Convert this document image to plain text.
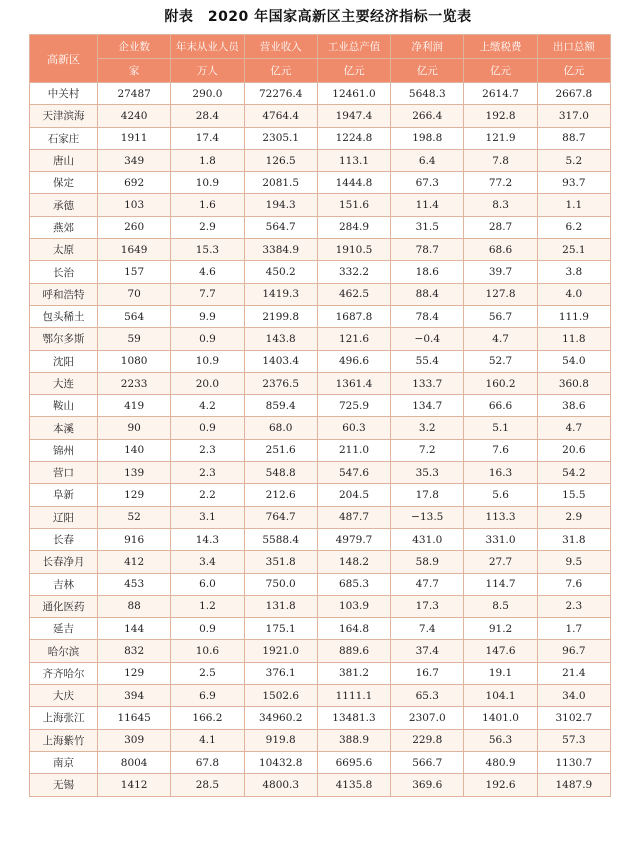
附表　2020 年国家高新区主要经济指标一览表
高新区	企业数	年末从业人员	营业收入	工业总产值	净利润	上缴税费	出口总额
	家	万人	亿元	亿元	亿元	亿元	亿元
中关村	27487	290.0	72276.4	12461.0	5648.3	2614.7	2667.8
天津滨海	4240	28.4	4764.4	1947.4	266.4	192.8	317.0
石家庄	1911	17.4	2305.1	1224.8	198.8	121.9	88.7
唐山	349	1.8	126.5	113.1	6.4	7.8	5.2
保定	692	10.9	2081.5	1444.8	67.3	77.2	93.7
承德	103	1.6	194.3	151.6	11.4	8.3	1.1
燕郊	260	2.9	564.7	284.9	31.5	28.7	6.2
太原	1649	15.3	3384.9	1910.5	78.7	68.6	25.1
长治	157	4.6	450.2	332.2	18.6	39.7	3.8
呼和浩特	70	7.7	1419.3	462.5	88.4	127.8	4.0
包头稀土	564	9.9	2199.8	1687.8	78.4	56.7	111.9
鄂尔多斯	59	0.9	143.8	121.6	−0.4	4.7	11.8
沈阳	1080	10.9	1403.4	496.6	55.4	52.7	54.0
大连	2233	20.0	2376.5	1361.4	133.7	160.2	360.8
鞍山	419	4.2	859.4	725.9	134.7	66.6	38.6
本溪	90	0.9	68.0	60.3	3.2	5.1	4.7
锦州	140	2.3	251.6	211.0	7.2	7.6	20.6
营口	139	2.3	548.8	547.6	35.3	16.3	54.2
阜新	129	2.2	212.6	204.5	17.8	5.6	15.5
辽阳	52	3.1	764.7	487.7	−13.5	113.3	2.9
长春	916	14.3	5588.4	4979.7	431.0	331.0	31.8
长春净月	412	3.4	351.8	148.2	58.9	27.7	9.5
吉林	453	6.0	750.0	685.3	47.7	114.7	7.6
通化医药	88	1.2	131.8	103.9	17.3	8.5	2.3
延吉	144	0.9	175.1	164.8	7.4	91.2	1.7
哈尔滨	832	10.6	1921.0	889.6	37.4	147.6	96.7
齐齐哈尔	129	2.5	376.1	381.2	16.7	19.1	21.4
大庆	394	6.9	1502.6	1111.1	65.3	104.1	34.0
上海张江	11645	166.2	34960.2	13481.3	2307.0	1401.0	3102.7
上海紫竹	309	4.1	919.8	388.9	229.8	56.3	57.3
南京	8004	67.8	10432.8	6695.6	566.7	480.9	1130.7
无锡	1412	28.5	4800.3	4135.8	369.6	192.6	1487.9
